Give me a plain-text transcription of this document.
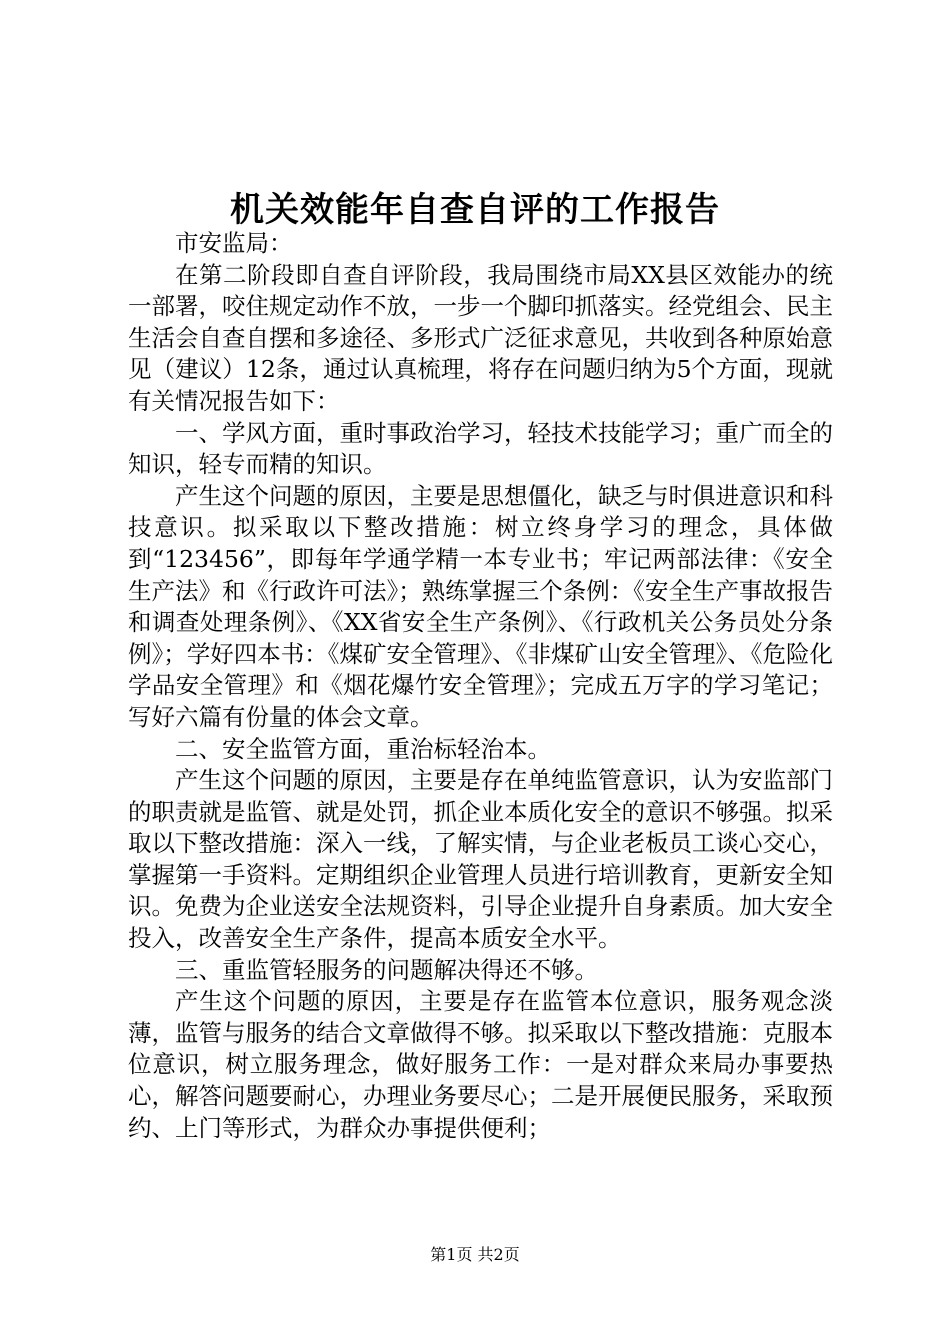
机关效能年自查自评的工作报告

市安监局：

在第二阶段即自查自评阶段，我局围绕市局XX县区效能办的统一部署，咬住规定动作不放，一步一个脚印抓落实。经党组会、民主生活会自查自摆和多途径、多形式广泛征求意见，共收到各种原始意见（建议）12条，通过认真梳理，将存在问题归纳为5个方面，现就有关情况报告如下：

一、学风方面，重时事政治学习，轻技术技能学习；重广而全的知识，轻专而精的知识。

产生这个问题的原因，主要是思想僵化，缺乏与时俱进意识和科技意识。拟采取以下整改措施：树立终身学习的理念，具体做到“123456”，即每年学通学精一本专业书；牢记两部法律：《安全生产法》和《行政许可法》；熟练掌握三个条例：《安全生产事故报告和调查处理条例》、《XX省安全生产条例》、《行政机关公务员处分条例》；学好四本书：《煤矿安全管理》、《非煤矿山安全管理》、《危险化学品安全管理》和《烟花爆竹安全管理》；完成五万字的学习笔记；写好六篇有份量的体会文章。

二、安全监管方面，重治标轻治本。

产生这个问题的原因，主要是存在单纯监管意识，认为安监部门的职责就是监管、就是处罚，抓企业本质化安全的意识不够强。拟采取以下整改措施：深入一线，了解实情，与企业老板员工谈心交心，掌握第一手资料。定期组织企业管理人员进行培训教育，更新安全知识。免费为企业送安全法规资料，引导企业提升自身素质。加大安全投入，改善安全生产条件，提高本质安全水平。

三、重监管轻服务的问题解决得还不够。

产生这个问题的原因，主要是存在监管本位意识，服务观念淡薄，监管与服务的结合文章做得不够。拟采取以下整改措施：克服本位意识，树立服务理念，做好服务工作：一是对群众来局办事要热心，解答问题要耐心，办理业务要尽心；二是开展便民服务，采取预约、上门等形式，为群众办事提供便利；

第1页 共2页
